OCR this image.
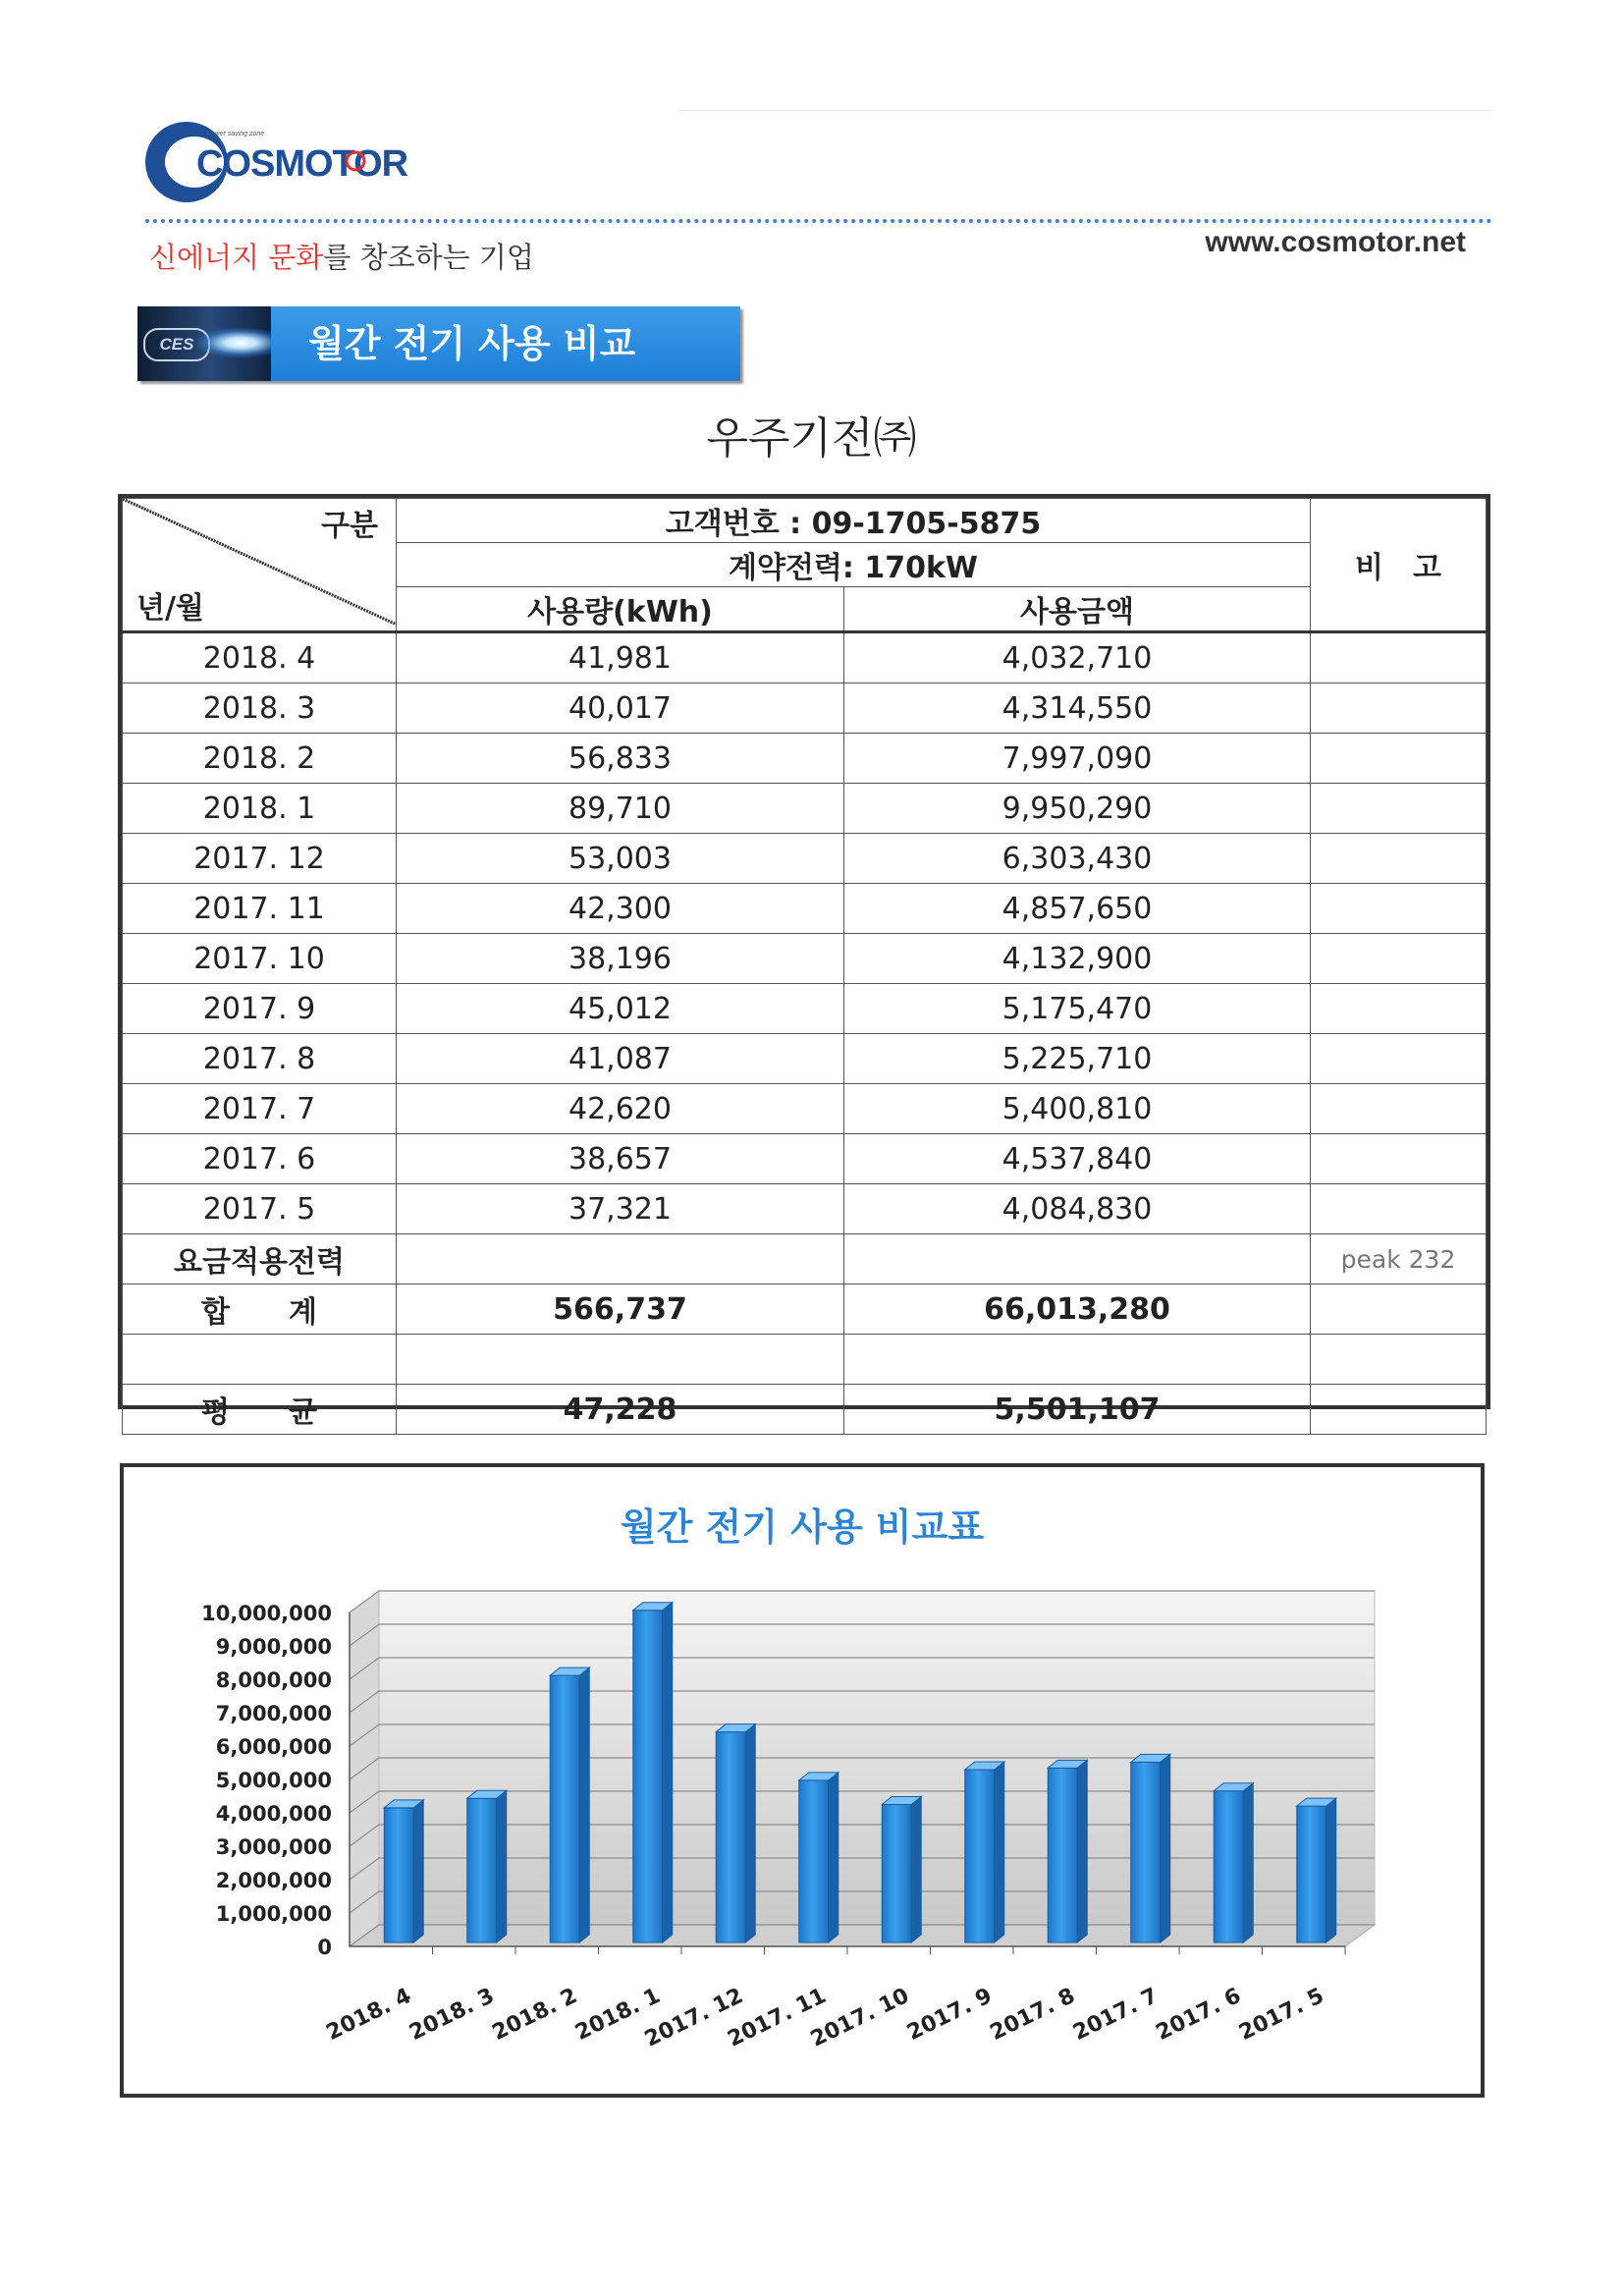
Power saving zone
COSMOTOR
신에너지 문화를 창조하는 기업	www.cosmotor.net
CES	월간 전기 사용 비교
우주기전㈜
구분
년/월	고객번호 : 09-1705-5875		비　고
	계약전력: 170kW		
	사용량(kWh)	사용금액	
2018. 4	41,981	4,032,710	
2018. 3	40,017	4,314,550	
2018. 2	56,833	7,997,090	
2018. 1	89,710	9,950,290	
2017. 12	53,003	6,303,430	
2017. 11	42,300	4,857,650	
2017. 10	38,196	4,132,900	
2017. 9	45,012	5,175,470	
2017. 8	41,087	5,225,710	
2017. 7	42,620	5,400,810	
2017. 6	38,657	4,537,840	
2017. 5	37,321	4,084,830	
요금적용전력			peak 232
합　　계	566,737	66,013,280	

평　　균	47,228	5,501,107	
월간 전기 사용 비교표
0
1,000,000
2,000,000
3,000,000
4,000,000
5,000,000
6,000,000
7,000,000
8,000,000
9,000,000
10,000,000
2018. 4
2018. 3
2018. 2
2018. 1
2017. 12
2017. 11
2017. 10
2017. 9
2017. 8
2017. 7
2017. 6
2017. 5
